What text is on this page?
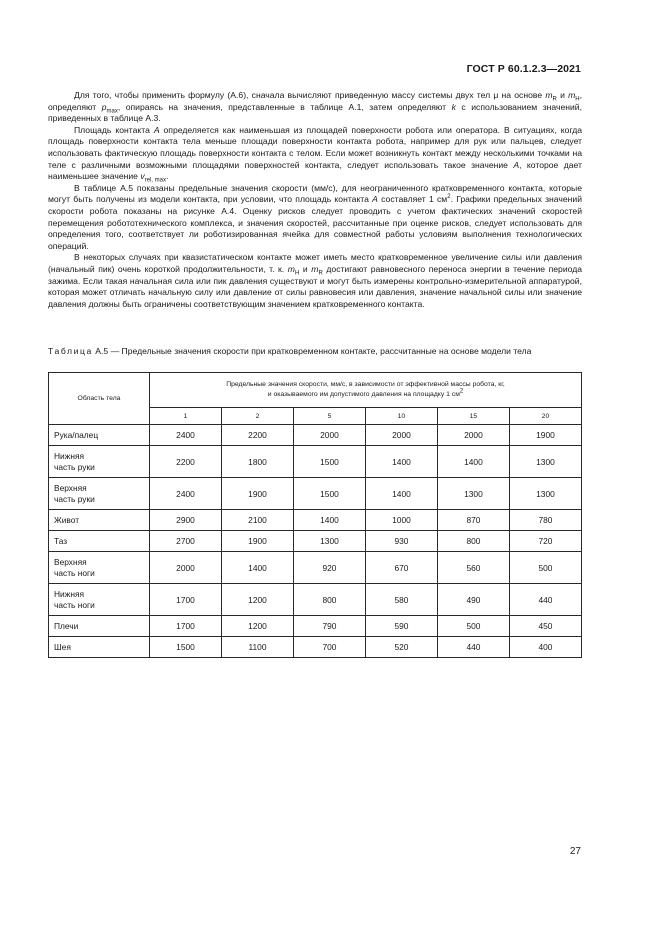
ГОСТ Р 60.1.2.3—2021

Для того, чтобы применить формулу (А.6), сначала вычисляют приведенную массу системы двух тел μ на основе $m_R$ и $m_H$, определяют $p_{max}$, опираясь на значения, представленные в таблице А.1, затем определяют k с использованием значений, приведенных в таблице А.3.

Площадь контакта A определяется как наименьшая из площадей поверхности робота или оператора. В ситуациях, когда площадь поверхности контакта тела меньше площади поверхности контакта робота, например для рук или пальцев, следует использовать фактическую площадь поверхности контакта с телом. Если может возникнуть контакт между несколькими точками на теле с различными возможными площадями поверхностей контакта, следует использовать такое значение A, которое дает наименьшее значение $v_{rel, max}$.

В таблице А.5 показаны предельные значения скорости (мм/с), для неограниченного кратковременного контакта, которые могут быть получены из модели контакта, при условии, что площадь контакта A составляет 1 $см^2$. Графики предельных значений скорости робота показаны на рисунке А.4. Оценку рисков следует проводить с учетом фактических значений скоростей перемещения робототехнического комплекса, и значения скоростей, рассчитанные при оценке рисков, следует использовать для определения того, соответствует ли роботизированная ячейка для совместной работы условиям выполнения технологических операций.

В некоторых случаях при квазистатическом контакте может иметь место кратковременное увеличение силы или давления (начальный пик) очень короткой продолжительности, т. к. $m_H$ и $m_R$ достигают равновесного переноса энергии в течение периода зажима. Если такая начальная сила или пик давления существуют и могут быть измерены контрольно-измерительной аппаратурой, которая может отличать начальную силу или давление от силы равновесия или давления, значение начальной силы или значение давления должны быть ограничены соответствующим значением кратковременного контакта.

Таблица А.5 — Предельные значения скорости при кратковременном контакте, рассчитанные на основе модели тела
Область тела	Предельные значения скорости, мм/с, в зависимости от эффективной массы робота, кг,
и оказываемого им допустимого давления на площадку 1 $см^2$
	1	2	5	10	15	20
Рука/палец	2400	2200	2000	2000	2000	1900
Нижняя
часть руки	2200	1800	1500	1400	1400	1300
Верхняя
часть руки	2400	1900	1500	1400	1300	1300
Живот	2900	2100	1400	1000	870	780
Таз	2700	1900	1300	930	800	720
Верхняя
часть ноги	2000	1400	920	670	560	500
Нижняя
часть ноги	1700	1200	800	580	490	440
Плечи	1700	1200	790	590	500	450
Шея	1500	1100	700	520	440	400
27
